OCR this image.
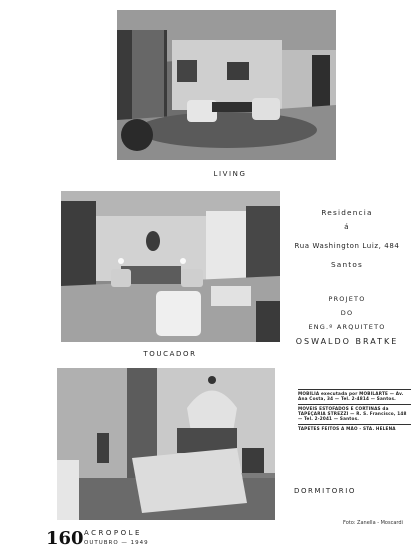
LIVING
TOUCADOR
Residencia
á
Rua Washington Luiz, 484
Santos
PROJETO
DO
ENG.º ARQUITETO
OSWALDO BRATKE
MOBILIA executada por MOBILARTE — Av. Ana Costa, 34 — Tel. 2-4814 — Santos.
MOVEIS ESTOFADOS E CORTINAS da TAPEÇARIA STREZZI — R. S. Francisco, 148 — Tel. 2-2041 — Santos.
TAPETES FEITOS A MÃO - STA. HELENA
DORMITORIO
160 ACROPOLE
OUTUBRO — 1949
Foto: Zanella - Moscardi
